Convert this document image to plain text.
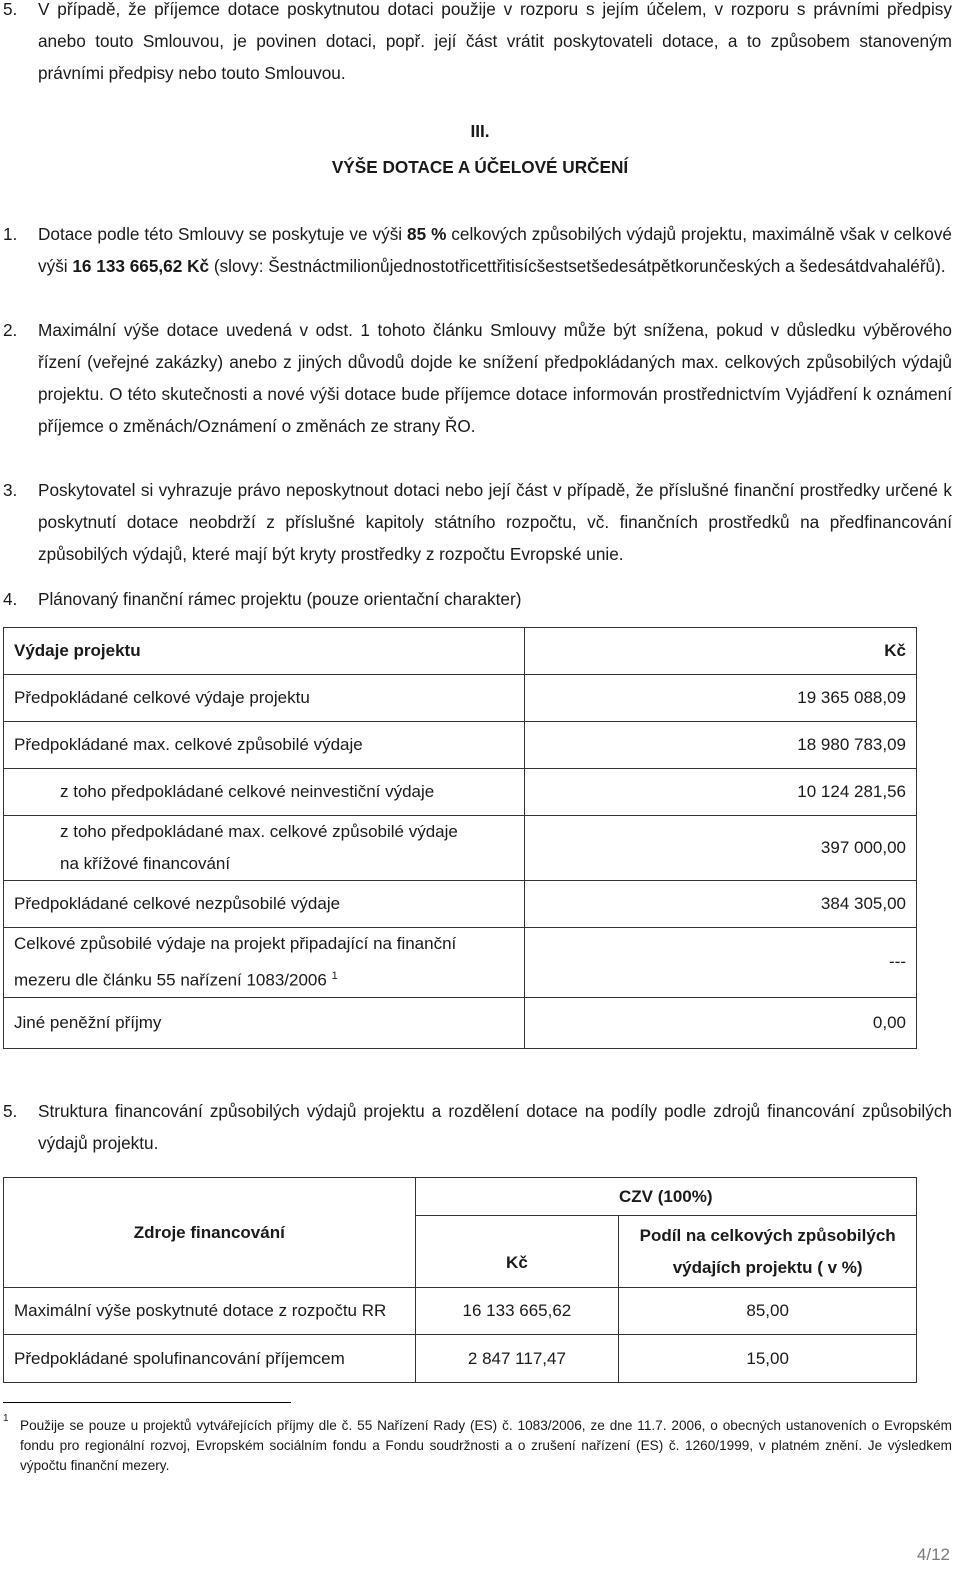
5. V případě, že příjemce dotace poskytnutou dotaci použije v rozporu s jejím účelem, v rozporu s právními předpisy anebo touto Smlouvou, je povinen dotaci, popř. její část vrátit poskytovateli dotace, a to způsobem stanoveným právními předpisy nebo touto Smlouvou.
III.
VÝŠE DOTACE A ÚČELOVÉ URČENÍ
1. Dotace podle této Smlouvy se poskytuje ve výši 85 % celkových způsobilých výdajů projektu, maximálně však v celkové výši 16 133 665,62 Kč (slovy: Šestnáctmilionůjednostotřicettřitisícšestsetšedesátpětkorunčeských a šedesátdvahaléřů).
2. Maximální výše dotace uvedená v odst. 1 tohoto článku Smlouvy může být snížena, pokud v důsledku výběrového řízení (veřejné zakázky) anebo z jiných důvodů dojde ke snížení předpokládaných max. celkových způsobilých výdajů projektu. O této skutečnosti a nové výši dotace bude příjemce dotace informován prostřednictvím Vyjádření k oznámení příjemce o změnách/Oznámení o změnách ze strany ŘO.
3. Poskytovatel si vyhrazuje právo neposkytnout dotaci nebo její část v případě, že příslušné finanční prostředky určené k poskytnutí dotace neobdrží z příslušné kapitoly státního rozpočtu, vč. finančních prostředků na předfinancování způsobilých výdajů, které mají být kryty prostředky z rozpočtu Evropské unie.
4. Plánovaný finanční rámec projektu (pouze orientační charakter)
Výdaje projektu	Kč
Předpokládané celkové výdaje projektu	19 365 088,09
Předpokládané max. celkové způsobilé výdaje	18 980 783,09
z toho předpokládané celkové neinvestiční výdaje	10 124 281,56

z toho předpokládané max. celkové způsobilé výdaje
na křížové financování	397 000,00
Předpokládané celkové nezpůsobilé výdaje	384 305,00

Celkové způsobilé výdaje na projekt připadající na finanční
mezeru dle článku 55 nařízení 1083/2006 $^1$	---
Jiné peněžní příjmy	0,00
5. Struktura financování způsobilých výdajů projektu a rozdělení dotace na podíly podle zdrojů financování způsobilých výdajů projektu.
Zdroje financování	CZV (100%)	
	Kč	Podíl na celkových způsobilých
výdajích projektu ( v %)

Maximální výše poskytnuté dotace z rozpočtu RR	16 133 665,62	85,00
Předpokládané spolufinancování příjemcem	2 847 117,47	15,00
1 Použije se pouze u projektů vytvářejících příjmy dle č. 55 Nařízení Rady (ES) č. 1083/2006, ze dne 11.7. 2006, o obecných ustanoveních o Evropském fondu pro regionální rozvoj, Evropském sociálním fondu a Fondu soudržnosti a o zrušení nařízení (ES) č. 1260/1999, v platném znění. Je výsledkem výpočtu finanční mezery.
4/12
